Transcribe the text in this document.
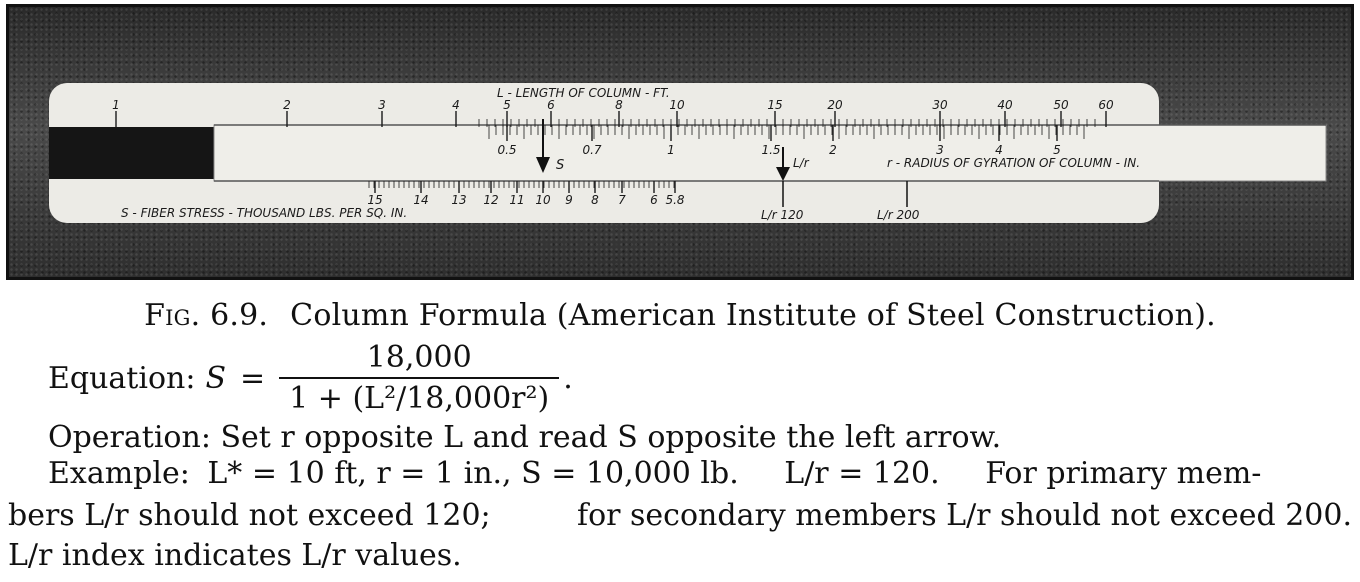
L - LENGTH OF COLUMN - FT.
1	2	3	4	5	6	8	10	15	20	30	40	50 60
0.5	0.7	1	1.5	2	3	4	5
r - RADIUS OF GYRATION OF COLUMN - IN.
S	L/r
15	14 13 12 11 10 9 8 7 6 5.8
L/r 120	L/r 200
S - FIBER STRESS - THOUSAND LBS. PER SQ. IN.
Fig. 6.9. Column Formula (American Institute of Steel Construction).
Equation: $S = \frac{18,000}{\text{1 + (L²/18,000r²)}}$ .
Operation: Set r opposite L and read S opposite the left arrow.
Example: L* = 10 ft, r = 1 in., S = 10,000 lb. L/r = 120. For primary mem-
bers L/r should not exceed 120;	for secondary members L/r should not exceed 200.
L/r index indicates L/r values.
